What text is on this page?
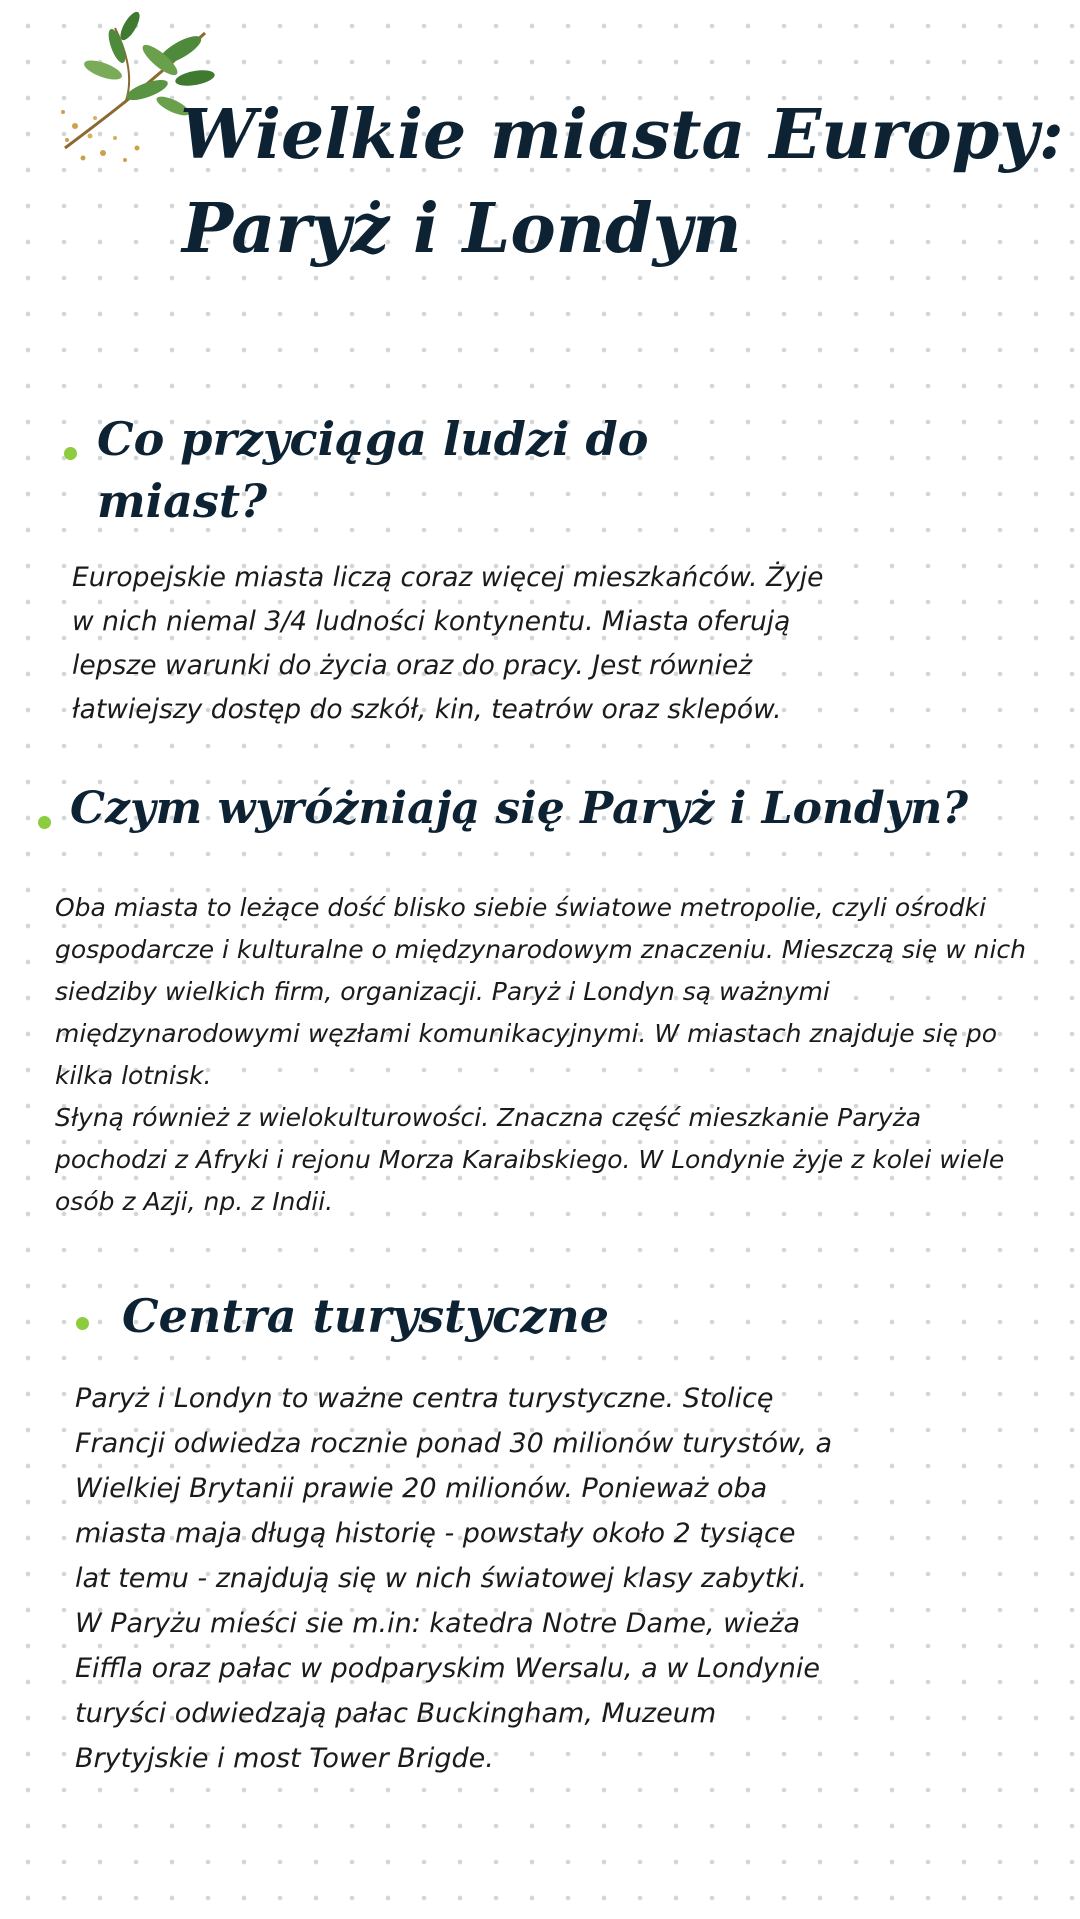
Wielkie miasta Europy:
Paryż i Londyn
Co przyciąga ludzi do
miast?
Europejskie miasta liczą coraz więcej mieszkańców. Żyje
w nich niemal 3/4 ludności kontynentu. Miasta oferują
lepsze warunki do życia oraz do pracy. Jest również
łatwiejszy dostęp do szkół, kin, teatrów oraz sklepów.
Czym wyróżniają się Paryż i Londyn?
Oba miasta to leżące dość blisko siebie światowe metropolie, czyli ośrodki
gospodarcze i kulturalne o międzynarodowym znaczeniu. Mieszczą się w nich
siedziby wielkich firm, organizacji. Paryż i Londyn są ważnymi
międzynarodowymi węzłami komunikacyjnymi. W miastach znajduje się po
kilka lotnisk.
Słyną również z wielokulturowości. Znaczna część mieszkanie Paryża
pochodzi z Afryki i rejonu Morza Karaibskiego. W Londynie żyje z kolei wiele
osób z Azji, np. z Indii.
Centra turystyczne
Paryż i Londyn to ważne centra turystyczne. Stolicę
Francji odwiedza rocznie ponad 30 milionów turystów, a
Wielkiej Brytanii prawie 20 milionów. Ponieważ oba
miasta maja długą historię - powstały około 2 tysiące
lat temu - znajdują się w nich światowej klasy zabytki.
W Paryżu mieści sie m.in: katedra Notre Dame, wieża
Eiffla oraz pałac w podparyskim Wersalu, a w Londynie
turyści odwiedzają pałac Buckingham, Muzeum
Brytyjskie i most Tower Brigde.
